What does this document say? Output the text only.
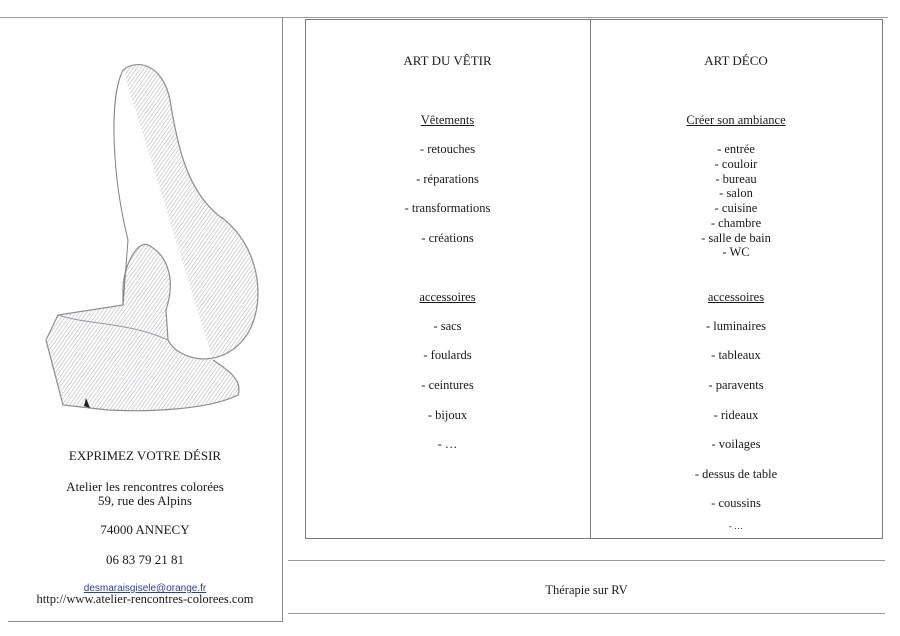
EXPRIMEZ VOTRE DÉSIR
Atelier les rencontres colorées
59, rue des Alpins
74000 ANNECY
06 83 79 21 81
desmaraisgisele@orange.fr
http://www.atelier-rencontres-colorees.com
ART DU VÊTIR
Vêtements
- retouches
- réparations
- transformations
- créations
accessoires
- sacs
- foulards
- ceintures
- bijoux
- …
ART DÉCO
Créer son ambiance
- entrée
- couloir
- bureau
- salon
- cuisine
- chambre
- salle de bain
- WC
accessoires
- luminaires
- tableaux
- paravents
- rideaux
- voilages
- dessus de table
- coussins
- …
Thérapie sur RV
